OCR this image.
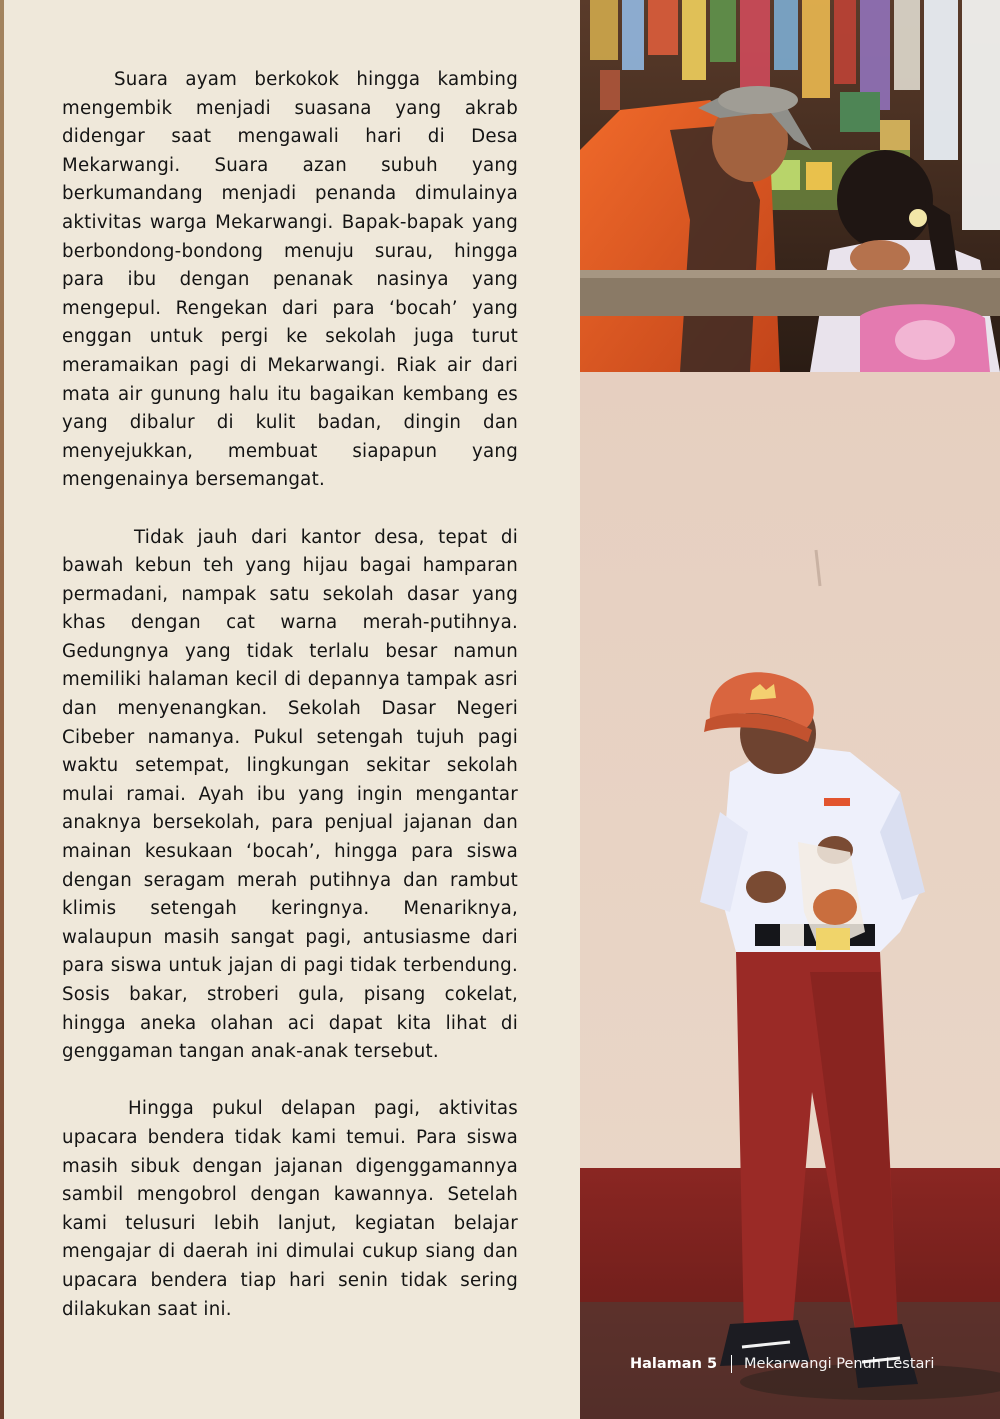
Suara ayam berkokok hingga kambing mengembik menjadi suasana yang akrab didengar saat mengawali hari di Desa Mekarwangi. Suara azan subuh yang berkumandang menjadi penanda dimulainya aktivitas warga Mekarwangi. Bapak-bapak yang berbondong-bondong menuju surau, hingga para ibu dengan penanak nasinya yang mengepul. Rengekan dari para ‘bocah’ yang enggan untuk pergi ke sekolah juga turut meramaikan pagi di Mekarwangi. Riak air dari mata air gunung halu itu bagaikan kembang es yang dibalur di kulit badan, dingin dan menyejukkan, membuat siapapun yang mengenainya bersemangat.

Tidak jauh dari kantor desa, tepat di bawah kebun teh yang hijau bagai hamparan permadani, nampak satu sekolah dasar yang khas dengan cat warna merah-putihnya. Gedungnya yang tidak terlalu besar namun memiliki halaman kecil di depannya tampak asri dan menyenangkan. Sekolah Dasar Negeri Cibeber namanya. Pukul setengah tujuh pagi waktu setempat, lingkungan sekitar sekolah mulai ramai. Ayah ibu yang ingin mengantar anaknya bersekolah, para penjual jajanan dan mainan kesukaan ‘bocah’, hingga para siswa dengan seragam merah putihnya dan rambut klimis setengah keringnya. Menariknya, walaupun masih sangat pagi, antusiasme dari para siswa untuk jajan di pagi tidak terbendung. Sosis bakar, stroberi gula, pisang cokelat, hingga aneka olahan aci dapat kita lihat di genggaman tangan anak-anak tersebut.

Hingga pukul delapan pagi, aktivitas upacara bendera tidak kami temui. Para siswa masih sibuk dengan jajanan digenggamannya sambil mengobrol dengan kawannya. Setelah kami telusuri lebih lanjut, kegiatan belajar mengajar di daerah ini dimulai cukup siang dan upacara bendera tiap hari senin tidak sering dilakukan saat ini.

Halaman 5 Mekarwangi Penuh Lestari
